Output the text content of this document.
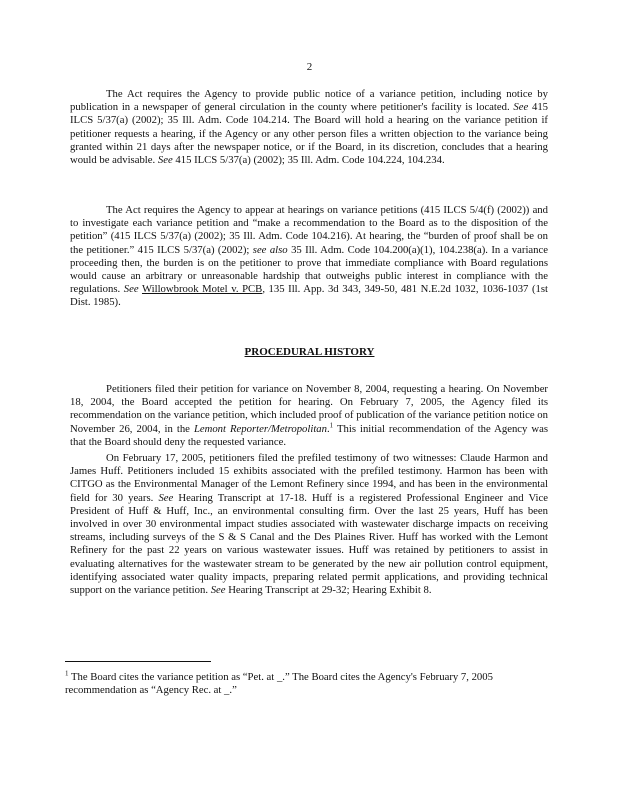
2

The Act requires the Agency to provide public notice of a variance petition, including notice by publication in a newspaper of general circulation in the county where petitioner's facility is located. See 415 ILCS 5/37(a) (2002); 35 Ill. Adm. Code 104.214. The Board will hold a hearing on the variance petition if petitioner requests a hearing, if the Agency or any other person files a written objection to the variance being granted within 21 days after the newspaper notice, or if the Board, in its discretion, concludes that a hearing would be advisable. See 415 ILCS 5/37(a) (2002); 35 Ill. Adm. Code 104.224, 104.234.

The Act requires the Agency to appear at hearings on variance petitions (415 ILCS 5/4(f) (2002)) and to investigate each variance petition and “make a recommendation to the Board as to the disposition of the petition” (415 ILCS 5/37(a) (2002); 35 Ill. Adm. Code 104.216). At hearing, the “burden of proof shall be on the petitioner.” 415 ILCS 5/37(a) (2002); see also 35 Ill. Adm. Code 104.200(a)(1), 104.238(a). In a variance proceeding then, the burden is on the petitioner to prove that immediate compliance with Board regulations would cause an arbitrary or unreasonable hardship that outweighs public interest in compliance with the regulations. See Willowbrook Motel v. PCB, 135 Ill. App. 3d 343, 349-50, 481 N.E.2d 1032, 1036-1037 (1st Dist. 1985).

PROCEDURAL HISTORY

Petitioners filed their petition for variance on November 8, 2004, requesting a hearing. On November 18, 2004, the Board accepted the petition for hearing. On February 7, 2005, the Agency filed its recommendation on the variance petition, which included proof of publication of the variance petition notice on November 26, 2004, in the Lemont Reporter/Metropolitan.$^1$ This initial recommendation of the Agency was that the Board should deny the requested variance.

On February 17, 2005, petitioners filed the prefiled testimony of two witnesses: Claude Harmon and James Huff. Petitioners included 15 exhibits associated with the prefiled testimony. Harmon has been with CITGO as the Environmental Manager of the Lemont Refinery since 1994, and has been in the environmental field for 30 years. See Hearing Transcript at 17-18. Huff is a registered Professional Engineer and Vice President of Huff & Huff, Inc., an environmental consulting firm. Over the last 25 years, Huff has been involved in over 30 environmental impact studies associated with wastewater discharge impacts on receiving streams, including surveys of the S & S Canal and the Des Plaines River. Huff has worked with the Lemont Refinery for the past 22 years on various wastewater issues. Huff was retained by petitioners to assist in evaluating alternatives for the wastewater stream to be generated by the new air pollution control equipment, identifying associated water quality impacts, preparing related permit applications, and providing technical support on the variance petition. See Hearing Transcript at 29-32; Hearing Exhibit 8.

$^1$ The Board cites the variance petition as “Pet. at _.” The Board cites the Agency's February 7, 2005 recommendation as “Agency Rec. at _.”
